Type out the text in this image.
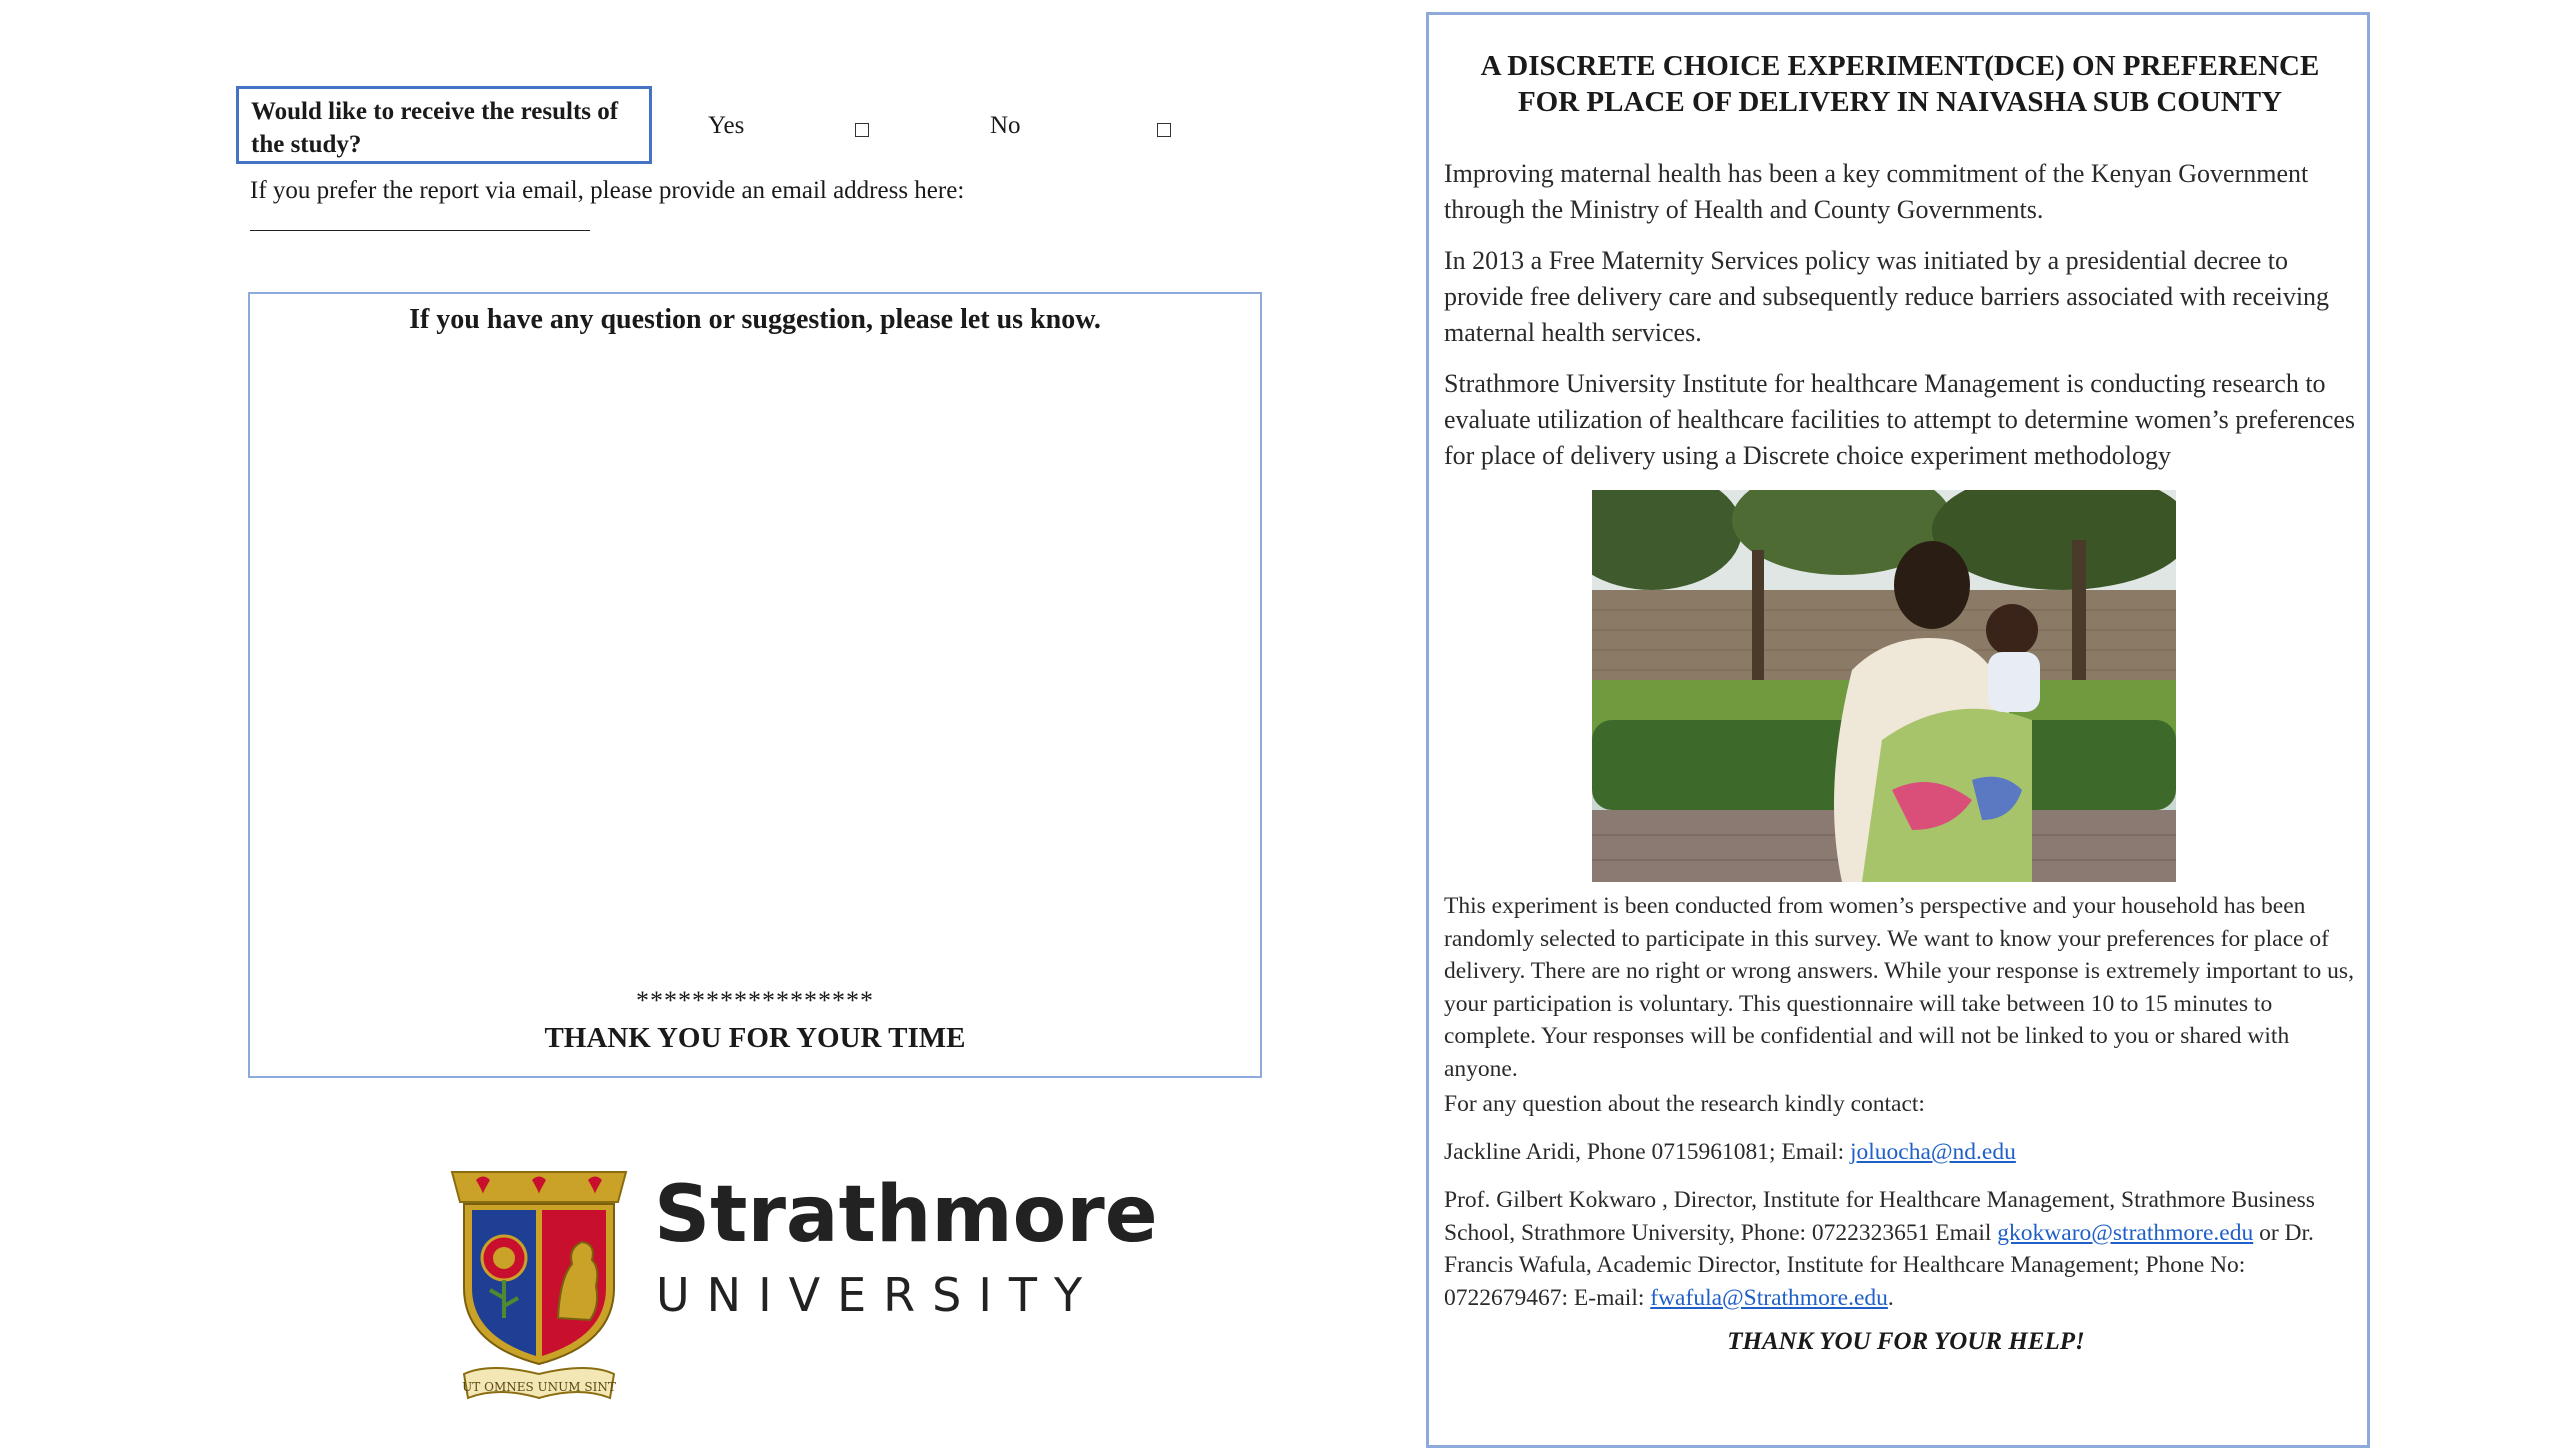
Would like to receive the results of the study?
Yes	No
If you prefer the report via email, please provide an email address here:
If you have any question or suggestion, please let us know.
*****************
THANK YOU FOR YOUR TIME
UT OMNES UNUM SINT
Strathmore
UNIVERSITY
A DISCRETE CHOICE EXPERIMENT(DCE) ON PREFERENCE FOR PLACE OF DELIVERY IN NAIVASHA SUB COUNTY
Improving maternal health has been a key commitment of the Kenyan Government through the Ministry of Health and County Governments.
In 2013 a Free Maternity Services policy was initiated by a presidential decree to provide free delivery care and subsequently reduce barriers associated with receiving maternal health services.
Strathmore University Institute for healthcare Management is conducting research to evaluate utilization of healthcare facilities to attempt to determine women’s preferences for place of delivery using a Discrete choice experiment methodology
This experiment is been conducted from women’s perspective and your household has been randomly selected to participate in this survey. We want to know your preferences for place of delivery. There are no right or wrong answers. While your response is extremely important to us, your participation is voluntary. This questionnaire will take between 10 to 15 minutes to complete. Your responses will be confidential and will not be linked to you or shared with anyone.
For any question about the research kindly contact:
Jackline Aridi, Phone 0715961081; Email: joluocha@nd.edu
Prof. Gilbert Kokwaro , Director, Institute for Healthcare Management, Strathmore Business School, Strathmore University, Phone: 0722323651 Email gkokwaro@strathmore.edu or Dr. Francis Wafula, Academic Director, Institute for Healthcare Management; Phone No: 0722679467: E-mail: fwafula@Strathmore.edu.
THANK YOU FOR YOUR HELP!
